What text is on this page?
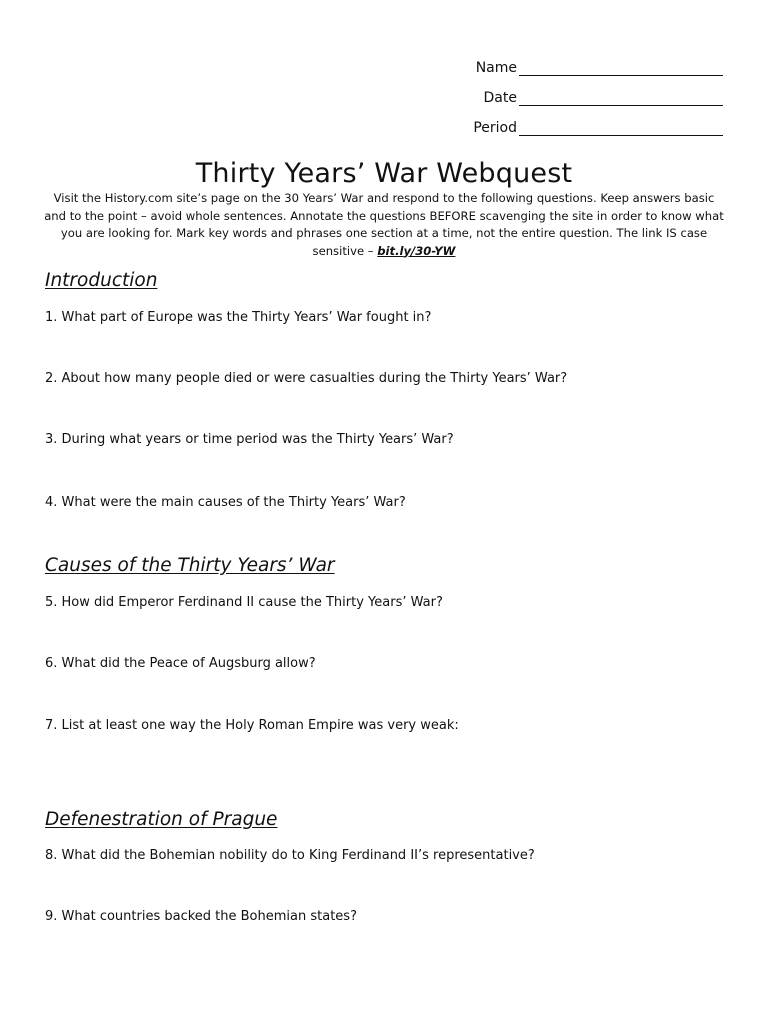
Name
Date
Period
Thirty Years’ War Webquest

Visit the History.com site’s page on the 30 Years’ War and respond to the following questions. Keep answers basic and to the point – avoid whole sentences. Annotate the questions BEFORE scavenging the site in order to know what you are looking for. Mark key words and phrases one section at a time, not the entire question. The link IS case sensitive – bit.ly/30-YW

Introduction
1. What part of Europe was the Thirty Years’ War fought in?
2. About how many people died or were casualties during the Thirty Years’ War?
3. During what years or time period was the Thirty Years’ War?
4. What were the main causes of the Thirty Years’ War?
Causes of the Thirty Years’ War
5. How did Emperor Ferdinand II cause the Thirty Years’ War?
6. What did the Peace of Augsburg allow?
7. List at least one way the Holy Roman Empire was very weak:
Defenestration of Prague
8. What did the Bohemian nobility do to King Ferdinand II’s representative?
9. What countries backed the Bohemian states?
